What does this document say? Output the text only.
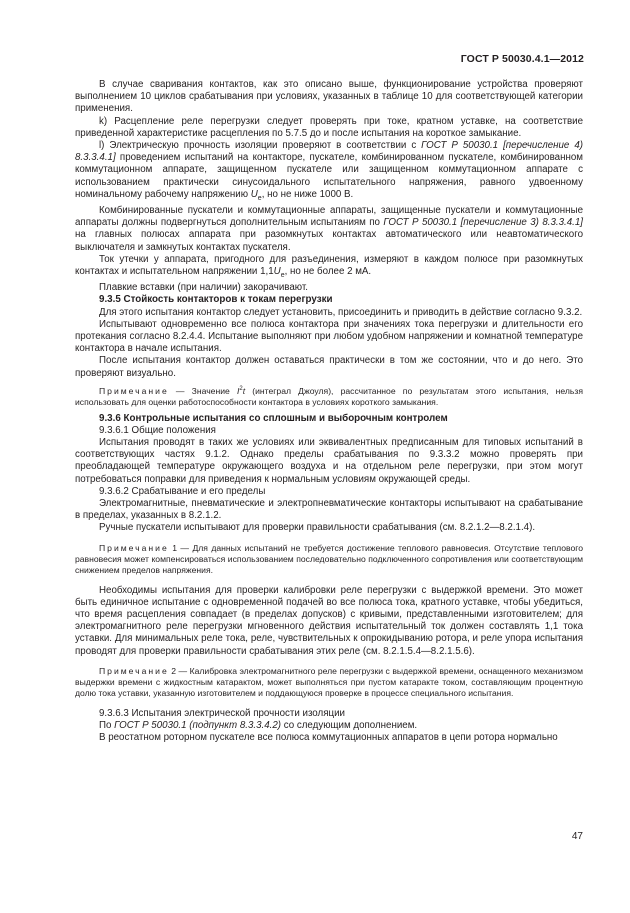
ГОСТ Р 50030.4.1—2012

В случае сваривания контактов, как это описано выше, функционирование устройства проверяют выполнением 10 циклов срабатывания при условиях, указанных в таблице 10 для соответствующей категории применения.

k) Расцепление реле перегрузки следует проверять при токе, кратном уставке, на соответствие приведенной характеристике расцепления по 5.7.5 до и после испытания на короткое замыкание.

l) Электрическую прочность изоляции проверяют в соответствии с ГОСТ Р 50030.1 [перечисление 4) 8.3.3.4.1] проведением испытаний на контакторе, пускателе, комбинированном пускателе, комбинированном коммутационном аппарате, защищенном пускателе или защищенном коммутационном аппарате с использованием практически синусоидального испытательного напряжения, равного удвоенному номинальному рабочему напряжению $U_e$, но не ниже 1000 В.

Комбинированные пускатели и коммутационные аппараты, защищенные пускатели и коммутационные аппараты должны подвергнуться дополнительным испытаниям по ГОСТ Р 50030.1 [перечисление 3) 8.3.3.4.1] на главных полюсах аппарата при разомкнутых контактах автоматического или неавтоматического выключателя и замкнутых контактах пускателя.

Ток утечки у аппарата, пригодного для разъединения, измеряют в каждом полюсе при разомкнутых контактах и испытательном напряжении $1,1U_e$, но не более 2 мА.

Плавкие вставки (при наличии) закорачивают.

9.3.5 Стойкость контакторов к токам перегрузки

Для этого испытания контактор следует установить, присоединить и приводить в действие согласно 9.3.2.

Испытывают одновременно все полюса контактора при значениях тока перегрузки и длительности его протекания согласно 8.2.4.4. Испытание выполняют при любом удобном напряжении и комнатной температуре контактора в начале испытания.

После испытания контактор должен оставаться практически в том же состоянии, что и до него. Это проверяют визуально.

Примечание — Значение $I^2t$ (интеграл Джоуля), рассчитанное по результатам этого испытания, нельзя использовать для оценки работоспособности контактора в условиях короткого замыкания.

9.3.6 Контрольные испытания со сплошным и выборочным контролем

9.3.6.1 Общие положения

Испытания проводят в таких же условиях или эквивалентных предписанным для типовых испытаний в соответствующих частях 9.1.2. Однако пределы срабатывания по 9.3.3.2 можно проверять при преобладающей температуре окружающего воздуха и на отдельном реле перегрузки, при этом могут потребоваться поправки для приведения к нормальным условиям окружающей среды.

9.3.6.2 Срабатывание и его пределы

Электромагнитные, пневматические и электропневматические контакторы испытывают на срабатывание в пределах, указанных в 8.2.1.2.

Ручные пускатели испытывают для проверки правильности срабатывания (см. 8.2.1.2—8.2.1.4).

Примечание 1 — Для данных испытаний не требуется достижение теплового равновесия. Отсутствие теплового равновесия может компенсироваться использованием последовательно подключенного сопротивления или соответствующим снижением пределов напряжения.

Необходимы испытания для проверки калибровки реле перегрузки с выдержкой времени. Это может быть единичное испытание с одновременной подачей во все полюса тока, кратного уставке, чтобы убедиться, что время расцепления совпадает (в пределах допусков) с кривыми, представленными изготовителем; для электромагнитного реле перегрузки мгновенного действия испытательный ток должен составлять 1,1 тока уставки. Для минимальных реле тока, реле, чувствительных к опрокидыванию ротора, и реле упора испытания проводят для проверки правильности срабатывания этих реле (см. 8.2.1.5.4—8.2.1.5.6).

Примечание 2 — Калибровка электромагнитного реле перегрузки с выдержкой времени, оснащенного механизмом выдержки времени с жидкостным катарактом, может выполняться при пустом катаракте током, составляющим процентную долю тока уставки, указанную изготовителем и поддающуюся проверке в процессе специального испытания.

9.3.6.3 Испытания электрической прочности изоляции

По ГОСТ Р 50030.1 (подпункт 8.3.3.4.2) со следующим дополнением.

В реостатном роторном пускателе все полюса коммутационных аппаратов в цепи ротора нормально

47
